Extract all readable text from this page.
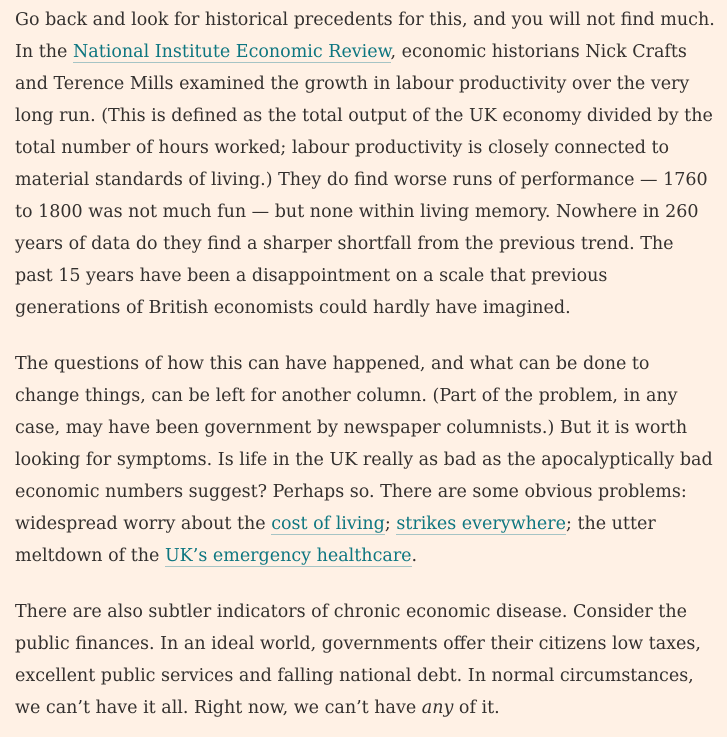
Go back and look for historical precedents for this, and you will not find much. In the National Institute Economic Review, economic historians Nick Crafts and Terence Mills examined the growth in labour productivity over the very long run. (This is defined as the total output of the UK economy divided by the total number of hours worked; labour productivity is closely connected to material standards of living.) They do find worse runs of performance — 1760 to 1800 was not much fun — but none within living memory. Nowhere in 260 years of data do they find a sharper shortfall from the previous trend. The past 15 years have been a disappointment on a scale that previous generations of British economists could hardly have imagined.

The questions of how this can have happened, and what can be done to change things, can be left for another column. (Part of the problem, in any case, may have been government by newspaper columnists.) But it is worth looking for symptoms. Is life in the UK really as bad as the apocalyptically bad economic numbers suggest? Perhaps so. There are some obvious problems: widespread worry about the cost of living; strikes everywhere; the utter meltdown of the UK’s emergency healthcare.

There are also subtler indicators of chronic economic disease. Consider the public finances. In an ideal world, governments offer their citizens low taxes, excellent public services and falling national debt. In normal circumstances, we can’t have it all. Right now, we can’t have any of it.
